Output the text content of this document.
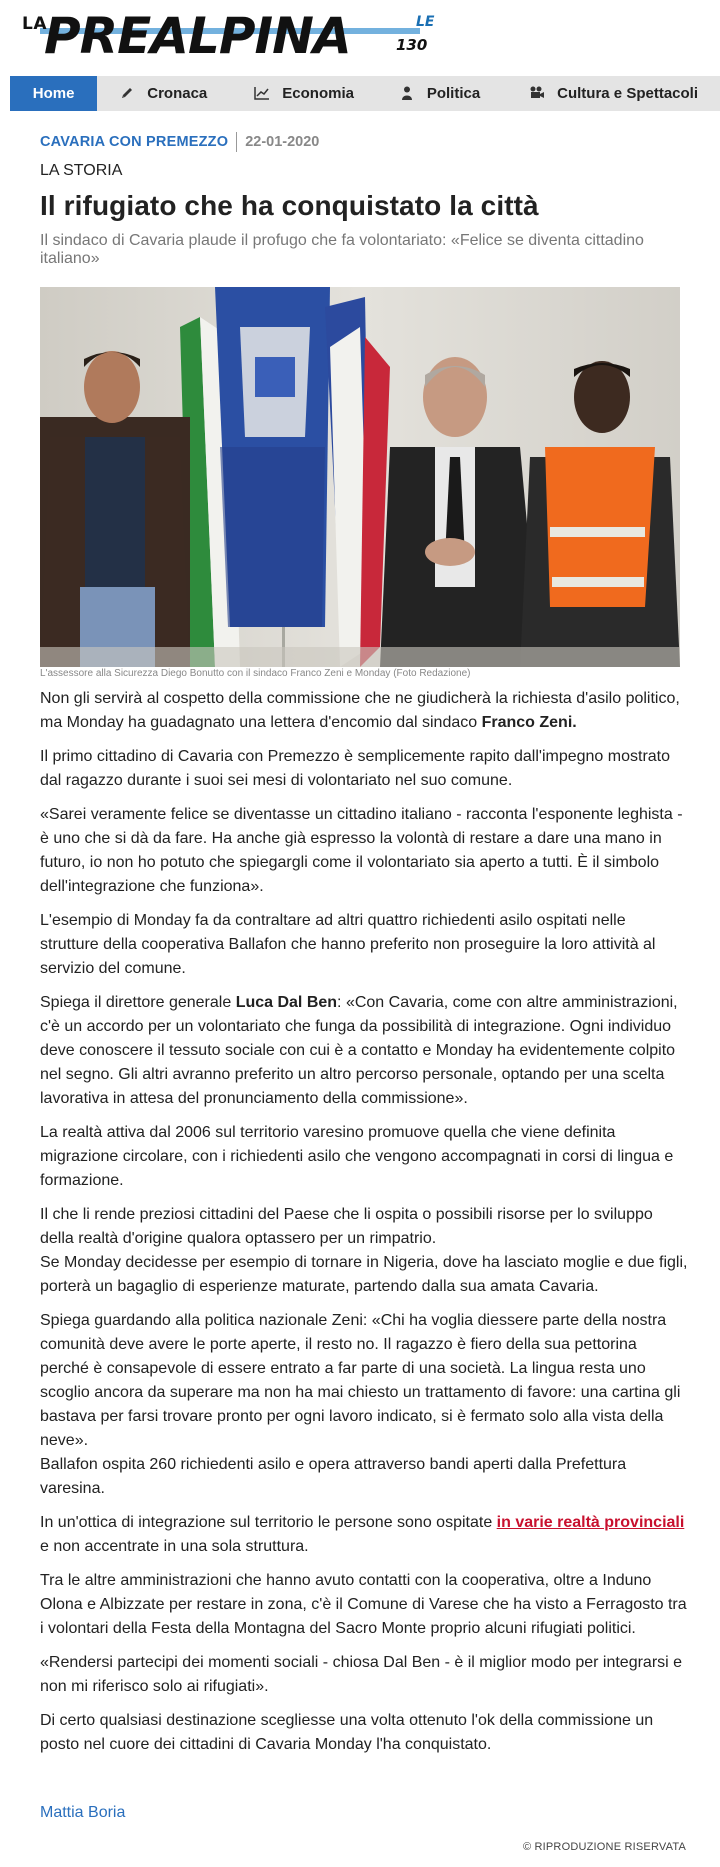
LA
PREALPINA	LE
130
Home	Cronaca	Economia	Politica	Cultura e Spettacoli
CAVARIA CON PREMEZZO 22-01-2020
LA STORIA
Il rifugiato che ha conquistato la città
Il sindaco di Cavaria plaude il profugo che fa volontariato: «Felice se diventa cittadino italiano»
L'assessore alla Sicurezza Diego Bonutto con il sindaco Franco Zeni e Monday (Foto Redazione)

Non gli servirà al cospetto della commissione che ne giudicherà la richiesta d'asilo politico, ma Monday ha guadagnato una lettera d'encomio dal sindaco Franco Zeni.

Il primo cittadino di Cavaria con Premezzo è semplicemente rapito dall'impegno mostrato dal ragazzo durante i suoi sei mesi di volontariato nel suo comune.

«Sarei veramente felice se diventasse un cittadino italiano - racconta l'esponente leghista - è uno che si dà da fare. Ha anche già espresso la volontà di restare a dare una mano in futuro, io non ho potuto che spiegargli come il volontariato sia aperto a tutti. È il simbolo dell'integrazione che funziona».

L'esempio di Monday fa da contraltare ad altri quattro richiedenti asilo ospitati nelle strutture della cooperativa Ballafon che hanno preferito non proseguire la loro attività al servizio del comune.

Spiega il direttore generale Luca Dal Ben: «Con Cavaria, come con altre amministrazioni, c'è un accordo per un volontariato che funga da possibilità di integrazione. Ogni individuo deve conoscere il tessuto sociale con cui è a contatto e Monday ha evidentemente colpito nel segno. Gli altri avranno preferito un altro percorso personale, optando per una scelta lavorativa in attesa del pronunciamento della commissione».

La realtà attiva dal 2006 sul territorio varesino promuove quella che viene definita migrazione circolare, con i richiedenti asilo che vengono accompagnati in corsi di lingua e formazione.

Il che li rende preziosi cittadini del Paese che li ospita o possibili risorse per lo sviluppo della realtà d'origine qualora optassero per un rimpatrio.

Se Monday decidesse per esempio di tornare in Nigeria, dove ha lasciato moglie e due figli, porterà un bagaglio di esperienze maturate, partendo dalla sua amata Cavaria.

Spiega guardando alla politica nazionale Zeni: «Chi ha voglia diessere parte della nostra comunità deve avere le porte aperte, il resto no. Il ragazzo è fiero della sua pettorina perché è consapevole di essere entrato a far parte di una società. La lingua resta uno scoglio ancora da superare ma non ha mai chiesto un trattamento di favore: una cartina gli bastava per farsi trovare pronto per ogni lavoro indicato, si è fermato solo alla vista della neve».

Ballafon ospita 260 richiedenti asilo e opera attraverso bandi aperti dalla Prefettura varesina.

In un'ottica di integrazione sul territorio le persone sono ospitate in varie realtà provinciali e non accentrate in una sola struttura.

Tra le altre amministrazioni che hanno avuto contatti con la cooperativa, oltre a Induno Olona e Albizzate per restare in zona, c'è il Comune di Varese che ha visto a Ferragosto tra i volontari della Festa della Montagna del Sacro Monte proprio alcuni rifugiati politici.

«Rendersi partecipi dei momenti sociali - chiosa Dal Ben - è il miglior modo per integrarsi e non mi riferisco solo ai rifugiati».

Di certo qualsiasi destinazione scegliesse una volta ottenuto l'ok della commissione un posto nel cuore dei cittadini di Cavaria Monday l'ha conquistato.

Mattia Boria
© RIPRODUZIONE RISERVATA
